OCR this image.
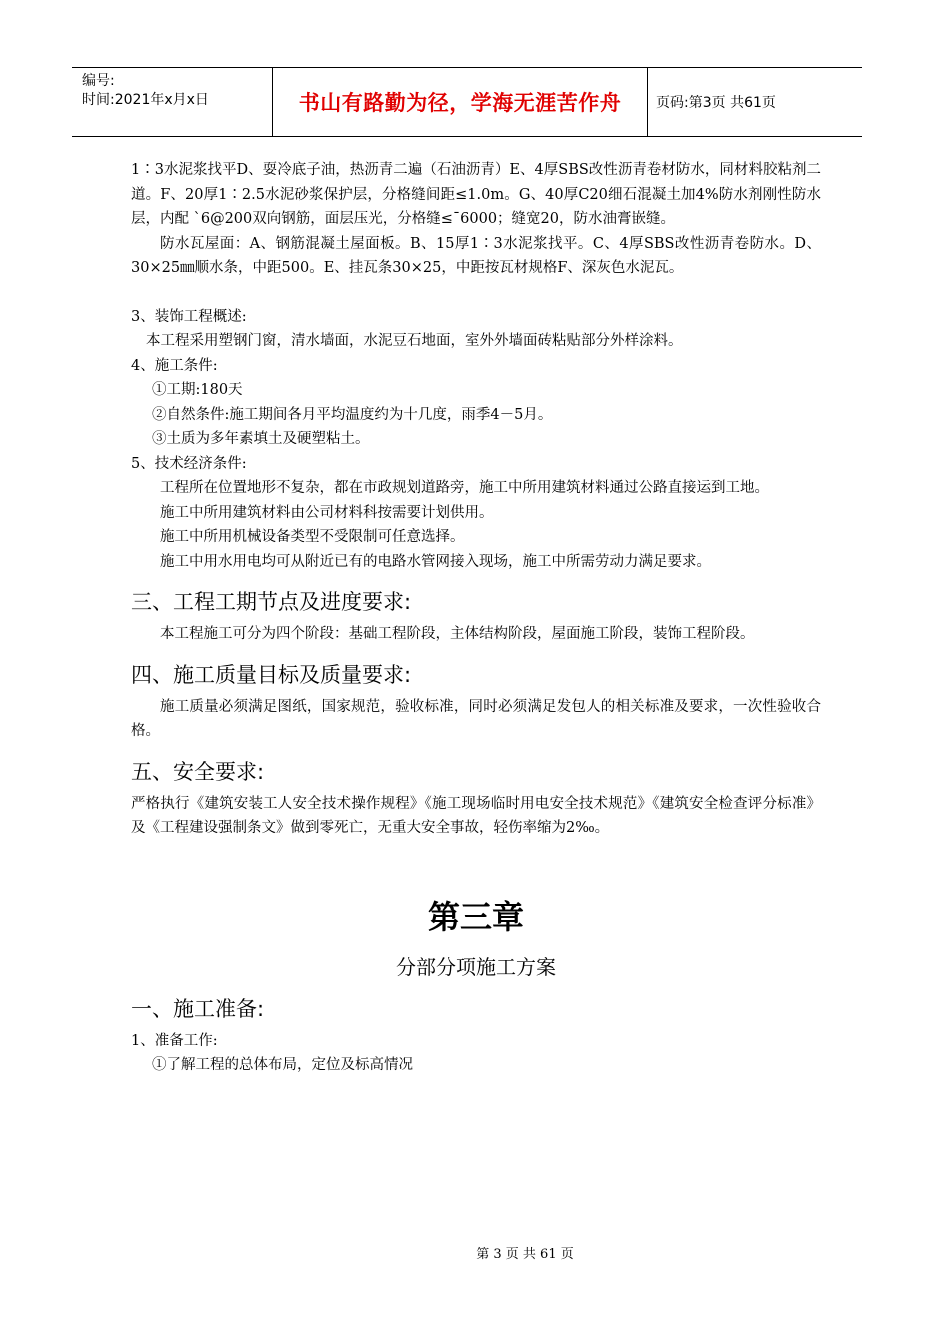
编号:
时间:2021年x月x日	书山有路勤为径，学海无涯苦作舟	页码:第3页 共61页

1∶3水泥浆找平D、耍冷底子油，热沥青二遍（石油沥青）E、4厚SBS改性沥青卷材防水，同材料胶粘剂二道。F、20厚1∶2.5水泥砂浆保护层，分格缝间距≤1.0m。G、40厚C20细石混凝土加4%防水剂刚性防水层，内配 `6@200双向钢筋，面层压光，分格缝≤¯6000；缝宽20，防水油膏嵌缝。

防水瓦屋面：A、钢筋混凝土屋面板。B、15厚1∶3水泥浆找平。C、4厚SBS改性沥青卷防水。D、30×25㎜顺水条，中距500。E、挂瓦条30×25，中距按瓦材规格F、深灰色水泥瓦。

3、装饰工程概述:

本工程采用塑钢门窗，清水墙面，水泥豆石地面，室外外墙面砖粘贴部分外样涂料。

4、施工条件:

①工期:180天

②自然条件:施工期间各月平均温度约为十几度，雨季4－5月。

③土质为多年素填土及硬塑粘土。

5、技术经济条件:

工程所在位置地形不复杂，都在市政规划道路旁，施工中所用建筑材料通过公路直接运到工地。

施工中所用建筑材料由公司材料科按需要计划供用。

施工中所用机械设备类型不受限制可任意选择。

施工中用水用电均可从附近已有的电路水管网接入现场，施工中所需劳动力满足要求。

三、工程工期节点及进度要求:

本工程施工可分为四个阶段：基础工程阶段，主体结构阶段，屋面施工阶段，装饰工程阶段。

四、施工质量目标及质量要求:

施工质量必须满足图纸，国家规范，验收标准，同时必须满足发包人的相关标准及要求，一次性验收合格。

五、安全要求:

严格执行《建筑安装工人安全技术操作规程》《施工现场临时用电安全技术规范》《建筑安全检查评分标准》及《工程建设强制条文》做到零死亡，无重大安全事故，轻伤率缩为2‰。

第三章
分部分项施工方案
一、施工准备:

1、准备工作:

①了解工程的总体布局，定位及标高情况

第 3 页 共 61 页
